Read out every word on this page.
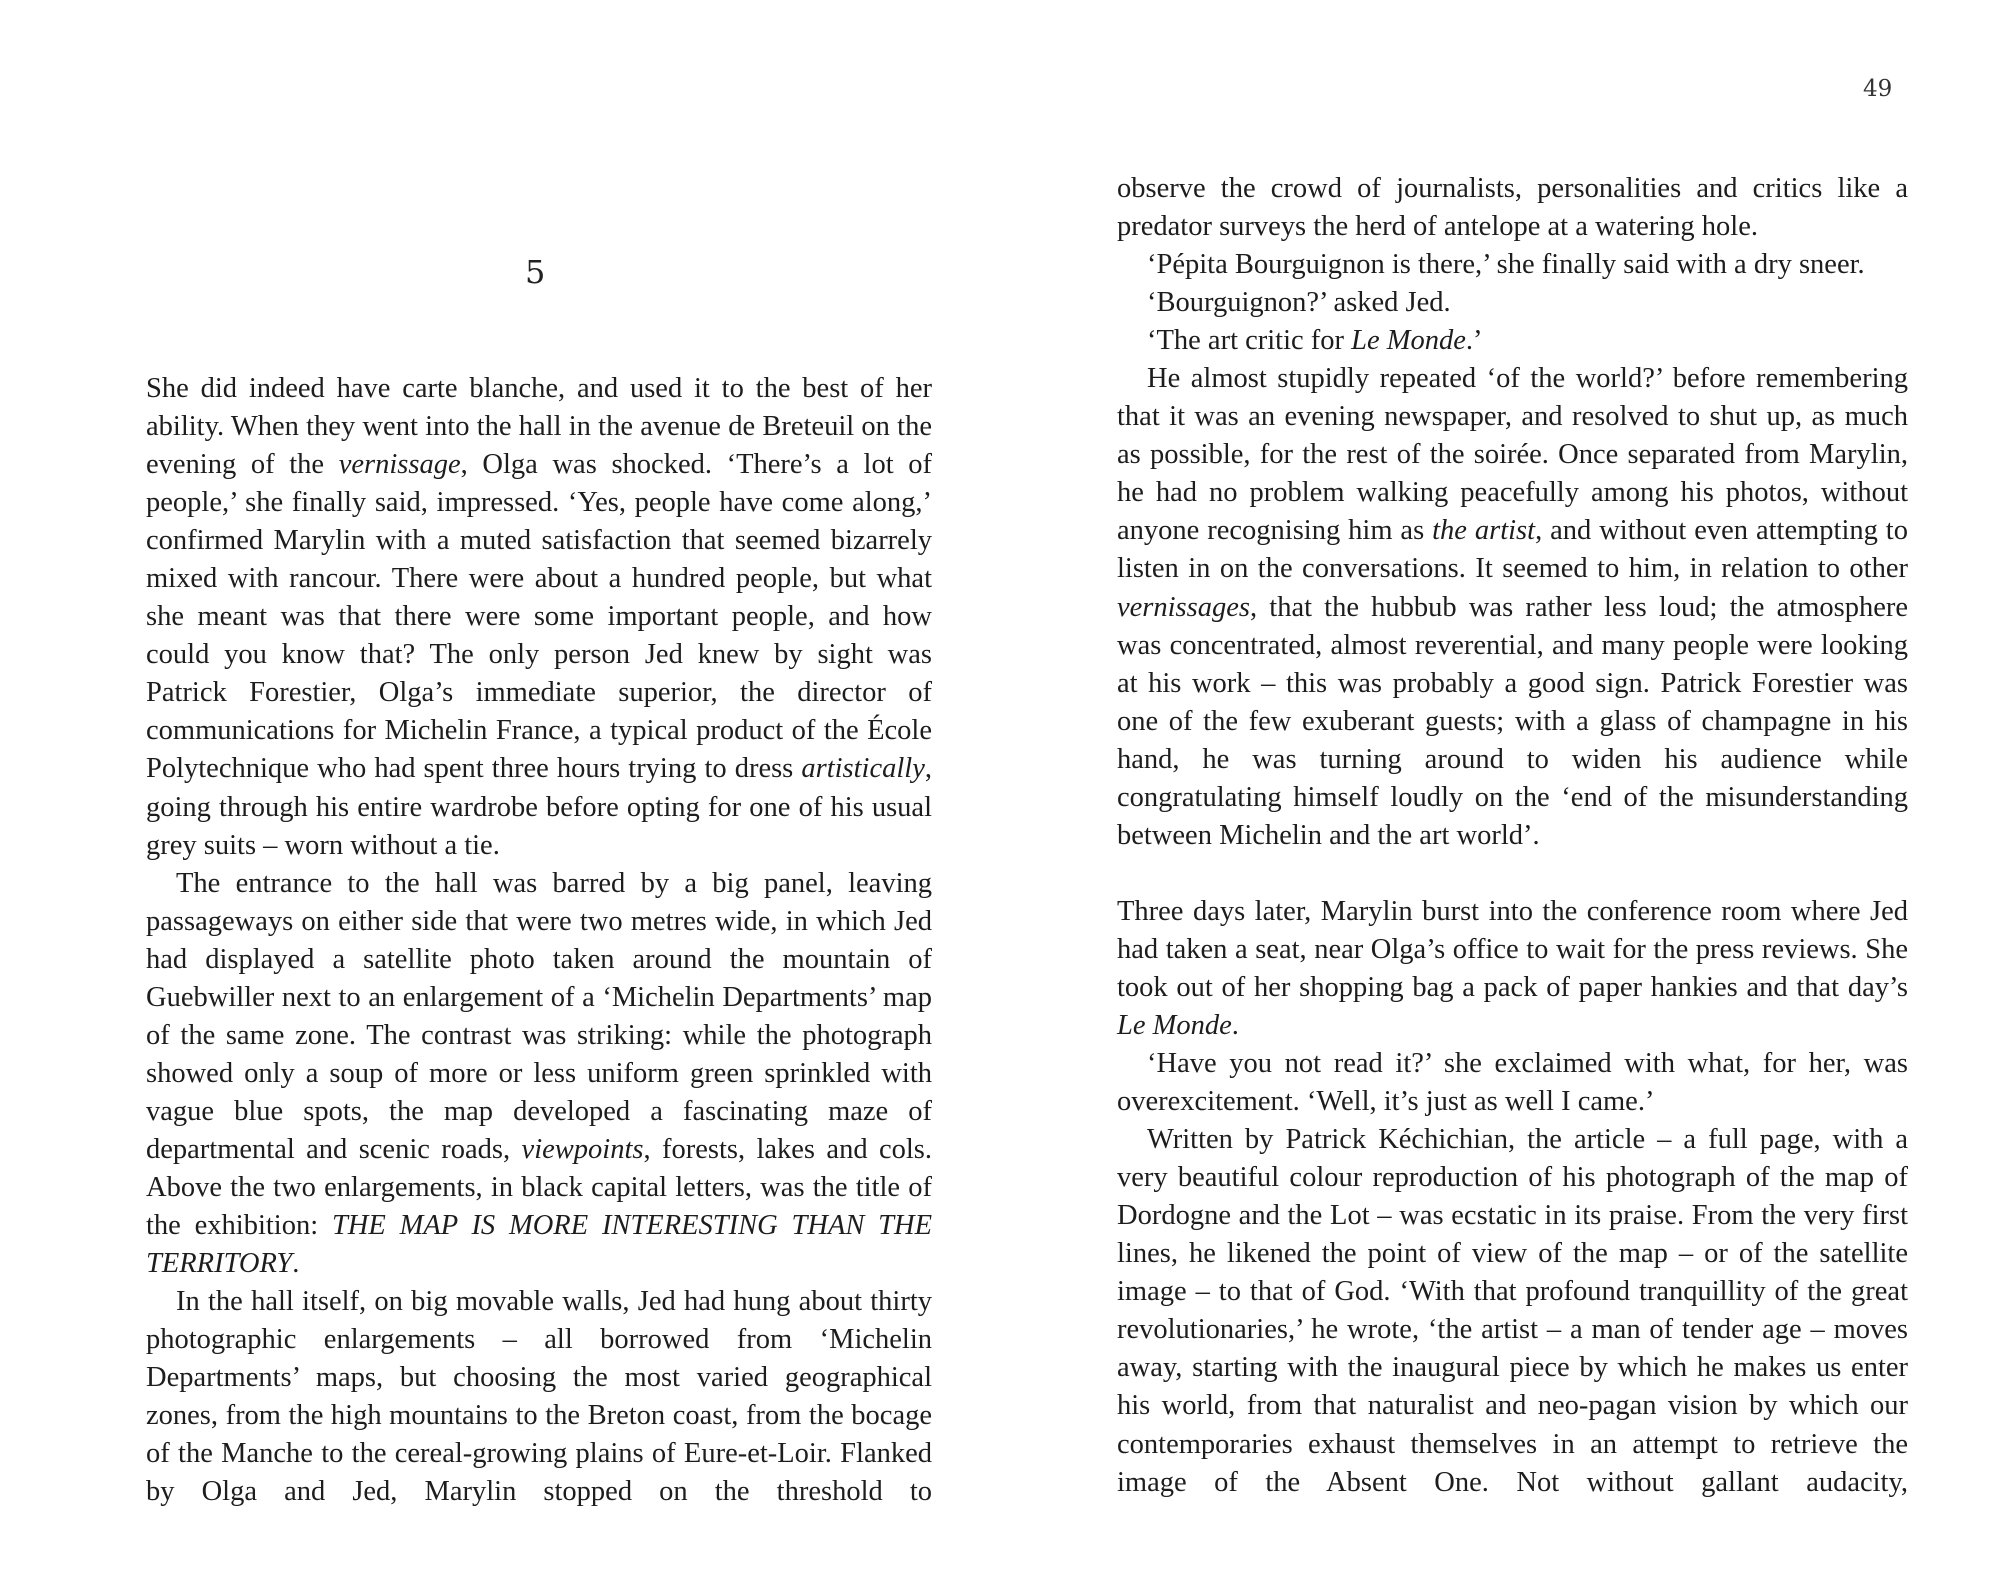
49
5

She did indeed have carte blanche, and used it to the best of her ability. When they went into the hall in the avenue de Breteuil on the evening of the vernissage, Olga was shocked. ‘There’s a lot of people,’ she finally said, impressed. ‘Yes, people have come along,’ confirmed Marylin with a muted satisfaction that seemed bizarrely mixed with rancour. There were about a hundred people, but what she meant was that there were some important people, and how could you know that? The only person Jed knew by sight was Patrick Forestier, Olga’s immediate superior, the director of communications for Michelin France, a typical product of the École Polytechnique who had spent three hours trying to dress artistically, going through his entire wardrobe before opting for one of his usual grey suits – worn without a tie.

The entrance to the hall was barred by a big panel, leaving passageways on either side that were two metres wide, in which Jed had displayed a satellite photo taken around the mountain of Guebwiller next to an enlargement of a ‘Michelin Departments’ map of the same zone. The contrast was striking: while the photograph showed only a soup of more or less uniform green sprinkled with vague blue spots, the map developed a fascinating maze of departmental and scenic roads, viewpoints, forests, lakes and cols. Above the two enlargements, in black capital letters, was the title of the exhibition: THE MAP IS MORE INTERESTING THAN THE TERRITORY.

In the hall itself, on big movable walls, Jed had hung about thirty photographic enlargements – all borrowed from ‘Michelin Departments’ maps, but choosing the most varied geographical zones, from the high mountains to the Breton coast, from the bocage of the Manche to the cereal-growing plains of Eure-et-Loir. Flanked by Olga and Jed, Marylin stopped on the threshold to

observe the crowd of journalists, personalities and critics like a predator surveys the herd of antelope at a watering hole.

‘Pépita Bourguignon is there,’ she finally said with a dry sneer.

‘Bourguignon?’ asked Jed.

‘The art critic for Le Monde.’

He almost stupidly repeated ‘of the world?’ before remembering that it was an evening newspaper, and resolved to shut up, as much as possible, for the rest of the soirée. Once separated from Marylin, he had no problem walking peacefully among his photos, without anyone recognising him as the artist, and without even attempting to listen in on the conversations. It seemed to him, in relation to other vernissages, that the hubbub was rather less loud; the atmosphere was concentrated, almost reverential, and many people were looking at his work – this was probably a good sign. Patrick Forestier was one of the few exuberant guests; with a glass of champagne in his hand, he was turning around to widen his audience while congratulating himself loudly on the ‘end of the misunderstanding between Michelin and the art world’.

Three days later, Marylin burst into the conference room where Jed had taken a seat, near Olga’s office to wait for the press reviews. She took out of her shopping bag a pack of paper hankies and that day’s Le Monde.

‘Have you not read it?’ she exclaimed with what, for her, was overexcitement. ‘Well, it’s just as well I came.’

Written by Patrick Kéchichian, the article – a full page, with a very beautiful colour reproduction of his photograph of the map of Dordogne and the Lot – was ecstatic in its praise. From the very first lines, he likened the point of view of the map – or of the satellite image – to that of God. ‘With that profound tranquillity of the great revolutionaries,’ he wrote, ‘the artist – a man of tender age – moves away, starting with the inaugural piece by which he makes us enter his world, from that naturalist and neo-pagan vision by which our contemporaries exhaust themselves in an attempt to retrieve the image of the Absent One. Not without gallant audacity,
